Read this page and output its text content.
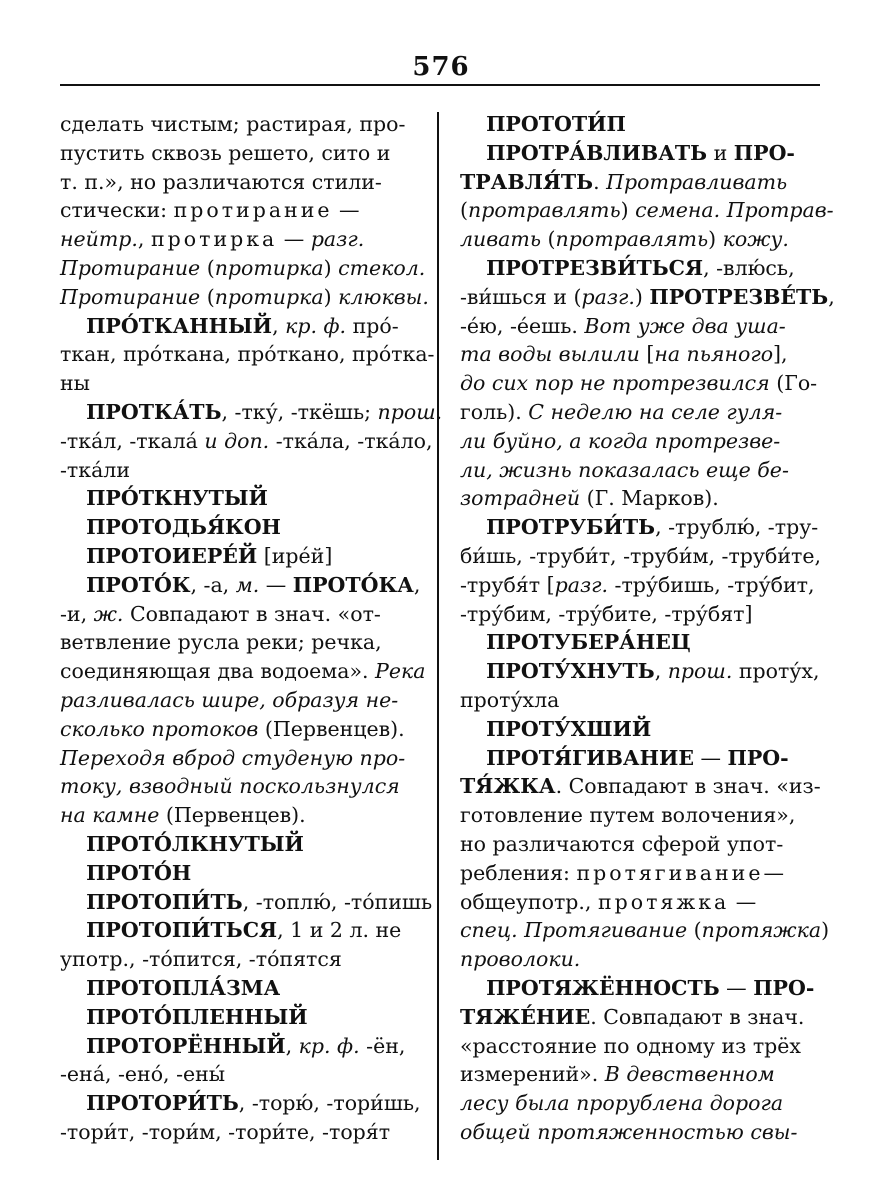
576
сделать чистым; растирая, про-
пустить сквозь решето, сито и
т. п.», но различаются стили-
стически: протирание —
нейтр., протирка — разг.
Протирание (протирка) стекол.
Протирание (протирка) клюквы.
ПРО́ТКАННЫЙ, кр. ф. про́-
ткан, про́ткана, про́ткано, про́ткa-
ны
ПРОТКА́ТЬ, -тку́, -ткёшь; прош.
-тка́л, -ткала́ и доп. -тка́ла, -тка́ло,
-тка́ли
ПРО́ТКНУТЫЙ
ПРОТОДЬЯ́КОН
ПРОТОИЕРЕ́Й [ирéй]
ПРОТО́К, -а, м. — ПРОТО́КА,
-и, ж. Совпадают в знач. «от-
ветвление русла реки; речка,
соединяющая два водоема». Река
разливалась шире, образуя не-
сколько протоков (Первенцев).
Переходя вброд студеную про-
току, взводный поскользнулся
на камне (Первенцев).
ПРОТО́ЛКНУТЫЙ
ПРОТО́Н
ПРОТОПИ́ТЬ, -топлю́, -то́пишь
ПРОТОПИ́ТЬСЯ, 1 и 2 л. не
употр., -то́пится, -то́пятся
ПРОТОПЛА́ЗМА
ПРОТО́ПЛЕННЫЙ
ПРОТОРЁННЫЙ, кр. ф. -ён,
-ена́, -ено́, -ены́
ПРОТОРИ́ТЬ, -торю́, -тори́шь,
-тори́т, -тори́м, -тори́те, -торя́т
ПРОТОТИ́П
ПРОТРА́ВЛИВАТЬ и ПРО-
ТРАВЛЯ́ТЬ. Протравливать
(протравлять) семена. Протрав-
ливать (протравлять) кожу.
ПРОТРЕЗВИ́ТЬСЯ, -влю́сь,
-ви́шься и (разг.) ПРОТРЕЗВЕ́ТЬ,
-е́ю, -е́ешь. Вот уже два уша-
та воды вылили [на пьяного],
до сих пор не протрезвился (Го-
голь). С неделю на селе гуля-
ли буйно, а когда протрезве-
ли, жизнь показалась еще бе-
зотрадней (Г. Марков).
ПРОТРУБИ́ТЬ, -трублю́, -тру-
би́шь, -труби́т, -труби́м, -труби́те,
-трубя́т [разг. -тру́бишь, -тру́бит,
-тру́бим, -тру́бите, -тру́бят]
ПРОТУБЕРА́НЕЦ
ПРОТУ́ХНУТЬ, прош. проту́х,
проту́хла
ПРОТУ́ХШИЙ
ПРОТЯ́ГИВАНИЕ — ПРО-
ТЯ́ЖКА. Совпадают в знач. «из-
готовление путем волочения»,
но различаются сферой упот-
ребления: протягивание—
общеупотр., протяжка —
спец. Протягивание (протяжка)
проволоки.
ПРОТЯЖЁННОСТЬ — ПРО-
ТЯЖЕ́НИЕ. Совпадают в знач.
«расстояние по одному из трёх
измерений». В девственном
лесу была прорублена дорога
общей протяженностью свы-
